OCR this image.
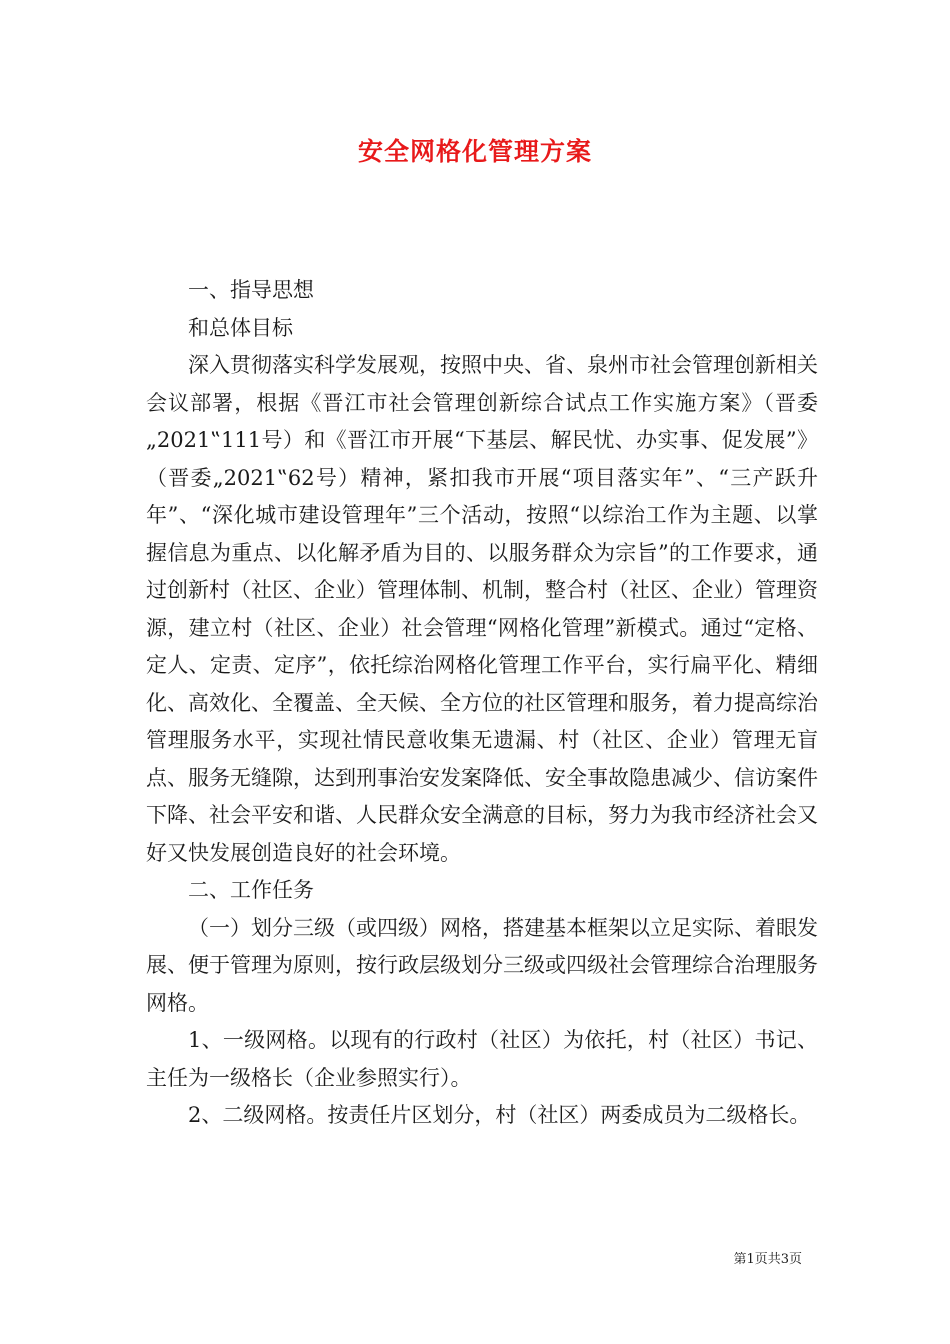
安全网格化管理方案

一、指导思想

和总体目标

深入贯彻落实科学发展观，按照中央、省、泉州市社会管理创新相关会议部署，根据《晋江市社会管理创新综合试点工作实施方案》（晋委„2021‟111号）和《晋江市开展“下基层、解民忧、办实事、促发展”》（晋委„2021‟62号）精神，紧扣我市开展“项目落实年”、“三产跃升年”、“深化城市建设管理年”三个活动，按照“以综治工作为主题、以掌握信息为重点、以化解矛盾为目的、以服务群众为宗旨”的工作要求，通过创新村（社区、企业）管理体制、机制，整合村（社区、企业）管理资源，建立村（社区、企业）社会管理“网格化管理”新模式。通过“定格、定人、定责、定序”，依托综治网格化管理工作平台，实行扁平化、精细化、高效化、全覆盖、全天候、全方位的社区管理和服务，着力提高综治管理服务水平，实现社情民意收集无遗漏、村（社区、企业）管理无盲点、服务无缝隙，达到刑事治安发案降低、安全事故隐患减少、信访案件下降、社会平安和谐、人民群众安全满意的目标，努力为我市经济社会又好又快发展创造良好的社会环境。

二、工作任务

（一）划分三级（或四级）网格，搭建基本框架以立足实际、着眼发展、便于管理为原则，按行政层级划分三级或四级社会管理综合治理服务网格。

1、一级网格。以现有的行政村（社区）为依托，村（社区）书记、主任为一级格长（企业参照实行）。

2、二级网格。按责任片区划分，村（社区）两委成员为二级格长。

第1页共3页
